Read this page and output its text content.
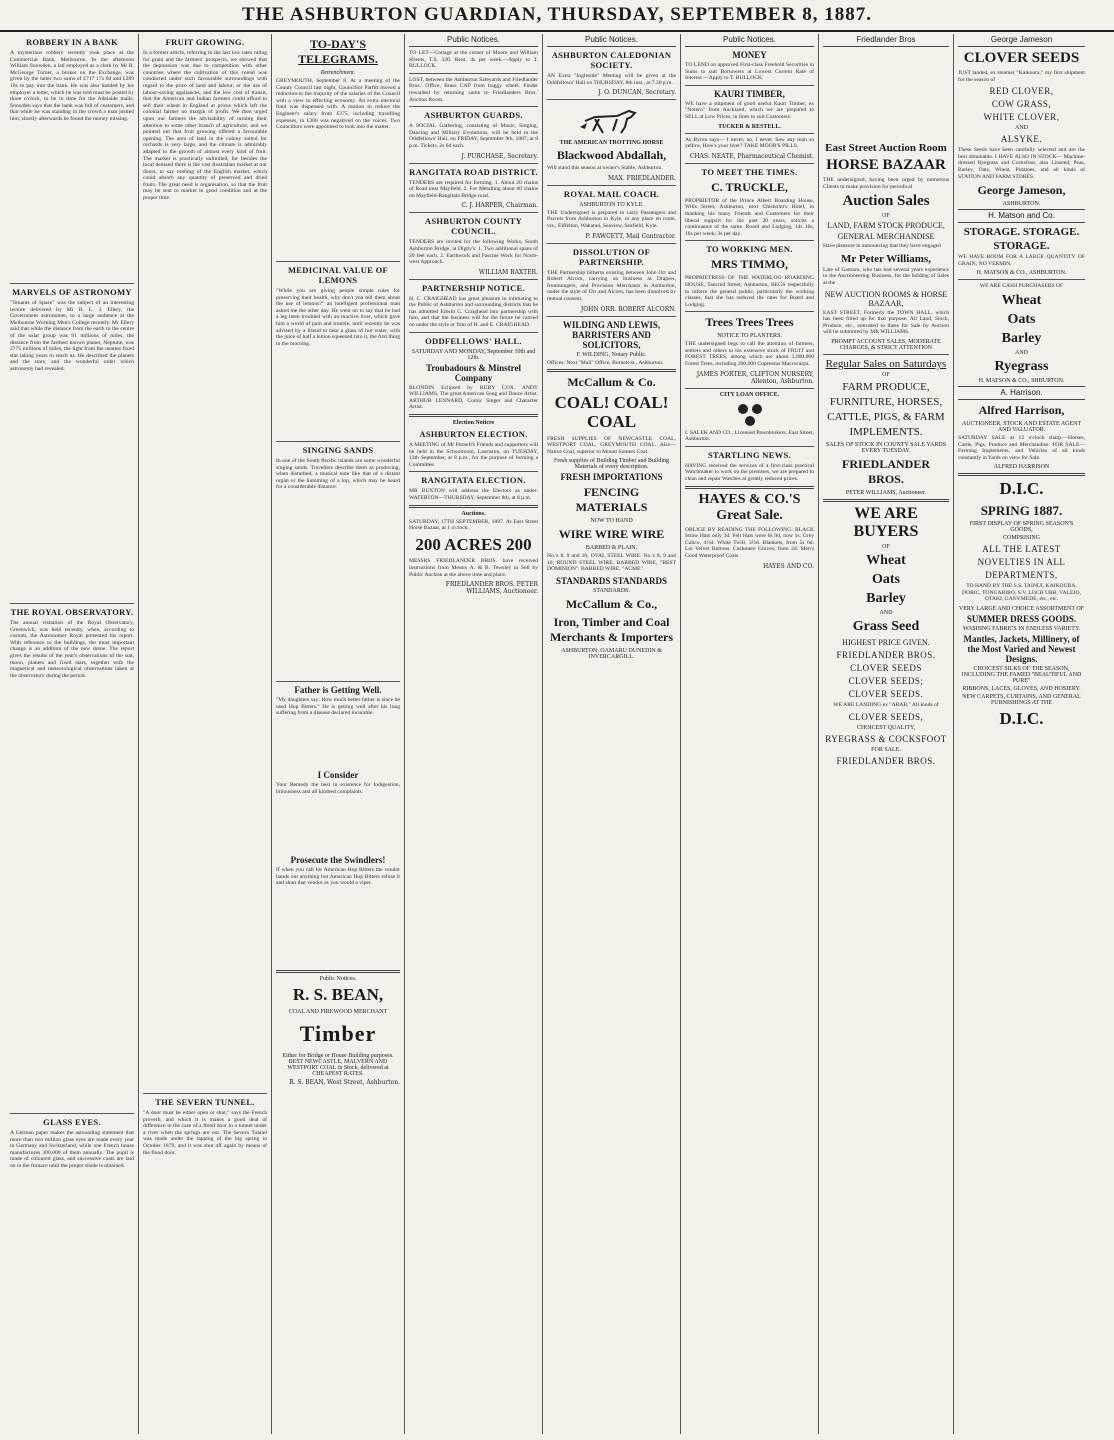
THE ASHBURTON GUARDIAN, THURSDAY, SEPTEMBER 8, 1887.
ROBBERY IN A BANK

A mysterious robbery recently took place at the Commercial Bank, Melbourne. In the afternoon William Snowden, a lad employed as a clerk by Mr R. McGeorge Turner, a broker on the Exchange, was given by the latter two sums of £717 17s 6d and £289 10s to pay into the bank. He was also handed by his employer a letter, which he was told must be posted by three o'clock, to be in time for the Adelaide mails. Snowden says that the bank was full of customers, and that while he was standing in the crowd a man jostled him; shortly afterwards he found the money missing.

MARVELS OF ASTRONOMY

"Tenants of Space" was the subject of an interesting lecture delivered by Mr R. L. J. Ellery, the Government astronomer, to a large audience at the Melbourne Working Men's College recently. Mr Ellery said that while the distance from the earth to the centre of the solar group was 91 millions of miles, the distance from the farthest known planet, Neptune, was 2775 millions of miles, the light from the nearest fixed star taking years to reach us. He described the planets and the stars, and the wonderful order which astronomy had revealed.

THE ROYAL OBSERVATORY.

The annual visitation of the Royal Observatory, Greenwich, was held recently, when, according to custom, the Astronomer Royal presented his report. With reference to the buildings, the most important change is an addition of the new dome. The report gives the results of the year's observations of the sun, moon, planets and fixed stars, together with the magnetical and meteorological observations taken at the observatory during the period.

GLASS EYES.

A German paper makes the astounding statement that more than two million glass eyes are made every year in Germany and Switzerland, while one French house manufactures 300,000 of them annually. The pupil is made of coloured glass, and successive coats are laid on in the furnace until the proper shade is obtained.

FRUIT GROWING.

In a former article, referring to the last low rates ruling for grain and the farmers' prospects, we showed that the depression was due to competition with other countries where the cultivation of this cereal was conducted under such favourable surroundings with regard to the price of land and labour, or the use of labour-saving appliances, and the low cost of transit, that the American and Indian farmers could afford to sell their wheat in England at prices which left the colonial farmer no margin of profit. We then urged upon our farmers the advisability of turning their attention to some other branch of agriculture, and we pointed out that fruit growing offered a favourable opening. The area of land in the colony suited for orchards is very large, and the climate is admirably adapted to the growth of almost every kind of fruit. The market is practically unlimited, for besides the local demand there is the vast Australian market at our doors, to say nothing of the English market, which could absorb any quantity of preserved and dried fruits. The great need is organisation, so that the fruit may be sent to market in good condition and at the proper time.

THE SEVERN TUNNEL.

"A door must be either open or shut," says the French proverb, and which it is makes a good deal of difference in the case of a flood door in a tunnel under a river when the springs are out. The Severn Tunnel was made under the tapping of the big spring in October 1879, and it was shut off again by means of the flood door.

TO-DAY'S TELEGRAMS.
Retrenchment.

GREYMOUTH, September 8. At a meeting of the County Council last night, Councillor Parfitt moved a reduction to the majority of the salaries of the Council with a view to effecting economy. An extra electoral fund was dispensed with. A motion to reduce the Engineer's salary from £375, including travelling expenses, to £300 was negatived on the voices. Two Councillors were appointed to look into the matter.

MEDICINAL VALUE OF LEMONS

"While you are giving people simple rules for preserving their health, why don't you tell them about the use of lemons?" an intelligent professional man asked me the other day. He went on to say that he had a leg been troubled with an inactive liver, which gave him a world of pain and trouble, until recently he was advised by a friend to take a glass of hot water, with the juice of half a lemon squeezed into it, the first thing in the morning.

SINGING SANDS

In one of the South Pacific islands are some wonderful singing sands. Travellers describe them as producing, when disturbed, a musical note like that of a distant organ or the humming of a top, which may be heard for a considerable distance.

Father is Getting Well.

"My daughters say: How much better father is since he used Hop Bitters." He is getting well after his long suffering from a disease declared incurable.

I Consider

Your Remedy the best in existence for Indigestion, biliousness and all kindred complaints.

Prosecute the Swindlers!

If when you call for American Hop Bitters the vendor hands out anything but American Hop Bitters refuse it and shun that vendor as you would a viper.

Public Notices.
R. S. BEAN,
COAL AND FIREWOOD MERCHANT
Timber
Either for Bridge or House Building purposes. BEST NEWCASTLE, MALVERN AND WESTPORT COAL in Stock, delivered at CHEAPEST RATES.
R. S. BEAN, West Street, Ashburton.
Public Notices.

TO LET—Cottage at the corner of Moore and William Streets, T.S. 330. Rent, 4s per week.—Apply to T. BULLOCK.

LOST, between the Ashburton Saleyards and Friedlander Bros.' Office, Brass CAP from buggy wheel. Finder rewarded by returning same to Friedlanders Bros.' Auction Room.

ASHBURTON GUARDS.

A SOCIAL Gathering, consisting of Music, Singing, Dancing and Military Evolutions, will be held in the Oddfellows' Hall, on FRIDAY, September 9th, 1887, at 8 p.m. Tickets, 2s 6d each.

J. PURCHASE, Secretary.
RANGITATA ROAD DISTRICT.

TENDERS are required for forming: 1. About 20 chains of Road near Mayfield. 2. For Metalling about 60 chains on Mayfield-Rangitata Bridge road.

C. J. HARPER, Chairman.
ASHBURTON COUNTY COUNCIL.

TENDERS are invited for the following Works, South Ashburton Bridge, at Digby's: 1. Two additional spans of 20 feet each. 2. Earthwork and Fascine Work for North-west Approach.

WILLIAM BAXTER.
PARTNERSHIP NOTICE.

H. C. CRAIGHEAD has great pleasure in intimating to the Public of Ashburton and surrounding districts that he has admitted Edwin C. Craighead into partnership with him, and that the business will for the future be carried on under the style or firm of H. and E. CRAIGHEAD.

ODDFELLOWS' HALL.
SATURDAY AND MONDAY, September 10th and 12th.
Troubadours & Minstrel Company

BLONDIN Eclipsed by RUBY COX. ANDY WILLIAMS, The great American Song and Dance Artist. ARTHUR LENNARD, Comic Singer and Character Artist.

Election Notices
ASHBURTON ELECTION.

A MEETING of Mr Purnell's Friends and supporters will be held in the Schoolroom, Lauriston, on TUESDAY, 13th September, at 8 p.m., for the purpose of forming a Committee.

RANGITATA ELECTION.

MR BUXTON will address the Electors as under: WATERTON—THURSDAY, September 8th, at 8 p.m.

Auctions.

SATURDAY, 17TH SEPTEMBER, 1887. At East Street Horse Bazaar, at 1 o'clock.

200 ACRES 200

MESSRS FRIEDLANDER BROS. have received instructions from Messrs A. & B. Tewsley to Sell by Public Auction at the above time and place.

FRIEDLANDER BROS. PETER WILLIAMS, Auctioneer.
Public Notices.
ASHBURTON CALEDONIAN SOCIETY.

AN Extra "Ingleside" Meeting will be given at the Oddfellows' Hall on THURSDAY, 8th inst., at 7.30 p.m.

J. O. DUNCAN, Secretary.
THE AMERICAN TROTTING HORSE
Blackwood Abdallah,

Will stand this season at owner's Stable, Ashburton.

MAX. FRIEDLANDER.
ROYAL MAIL COACH.
ASHBURTON TO KYLE.

THE Undersigned is prepared to carry Passengers and Parcels from Ashburton to Kyle, or any place en route, viz., Eiffelton, Wakanui, Seaview, Seafield, Kyle.

P. FAWCETT, Mail Contractor.
DISSOLUTION OF PARTNERSHIP.

THE Partnership hitherto existing between John Orr and Robert Alcorn, carrying on business as Drapers, Ironmongers, and Provision Merchants in Ashburton, under the style of Orr and Alcorn, has been dissolved by mutual consent.

JOHN ORR. ROBERT ALCORN.
WILDING AND LEWIS, BARRISTERS AND SOLICITORS,
F. WILDING, Notary Public.

Offices: Next "Mail" Office, Burnett-st., Ashburton.

McCallum & Co.
COAL! COAL! COAL

FRESH SUPPLIES OF NEWCASTLE COAL, WESTPORT COAL, GREYMOUTH COAL. Also—Native Coal, superior to Mount Somers Coal.

Fresh supplies of Building Timber and Building Materials of every description.
FRESH IMPORTATIONS
FENCING MATERIALS
NOW TO HAND
WIRE WIRE WIRE
BARBED & PLAIN.

No.'s 8, 9 and 10, OVAL STEEL WIRE. No.'s 8, 9 and 10, ROUND STEEL WIRE. BARBED WIRE, "BEST DOMINION". BARBED WIRE, "ACME".

STANDARDS STANDARDS
STANDARDS.
McCallum & Co.,
Iron, Timber and Coal Merchants & Importers
ASHBURTON, OAMARU DUNEDIN & INVERCARGILL.
Public Notices.
MONEY

TO LEND on approved First-class Freehold Securities in Sums to suit Borrowers at Lowest Current Rate of Interest.—Apply to T. BULLOCK.

KAURI TIMBER,

WE have a shipment of good useful Kauri Timber, ex "Notero" from Auckland, which we are prepared to SELL at Low Prices, in lines to suit Customers.

TUCKER & RESTELL.

As Byron says— I never, no, I never, Saw any man so yellow, How's your liver? TAKE MOOR'S PILLS.

CHAS. NEATE, Pharmaceutical Chemist.
TO MEET THE TIMES.
C. TRUCKLE,

PROPRIETOR of the Prince Albert Boarding House, Wills Street, Ashburton, next Chisholm's Hotel, in thanking his many Friends and Customers for their liberal support for the past 20 years, solicits a continuance of the same. Board and Lodging, 14s 16s, 18s per week; 3s per day.

TO WORKING MEN.
MRS TIMMO,

PROPRIETRESS OF THE WATERLOO BOARDING HOUSE, Tancred Street, Ashburton, BEGS respectfully to inform the general public, particularly the working classes, that she has reduced the rates for Board and Lodging.

Trees Trees Trees
NOTICE TO PLANTERS.

THE undersigned begs to call the attention of farmers, settlers and others to his extensive stock of FRUIT and FOREST TREES, among which are about 3,000,000 Forest Trees, including 200,000 Cupressus Macrocarpa.

JAMES PORTER, CLIFTON NURSERY, Allenton, Ashburton.
CITY LOAN OFFICE.

I. SALEK AND CO., Licensed Pawnbrokers, East Street, Ashburton.

STARTLING NEWS.

HAVING received the services of a first-class practical Watchmaker to work on the premises, we are prepared to clean and repair Watches at greatly reduced prices.

HAYES & CO.'S Great Sale.

OBLIGE BY READING THE FOLLOWING: BLACK Straw Hats only 3d. Felt Hats were 6s 9d, now 1s. Grey Calico, 4½d. White Twill, 3½d. Blankets, from 5s 6d. Lot Velvet Buttons. Cashmere Gloves, from 2d. Men's Good Waterproof Coats.

HAYES AND CO.
Friedlander Bros
East Street Auction Room
HORSE BAZAAR

THE undersigned, having been urged by numerous Clients to make provision for periodical

Auction Sales
OF
LAND, FARM STOCK PRODUCE,
GENERAL MERCHANDISE

Have pleasure in announcing that they have engaged

Mr Peter Williams,

Late of Gamaru, who has had several years experience in the Auctioneering Business, for the holding of Sales at the

NEW AUCTION ROOMS & HORSE BAZAAR,

EAST STREET, Formerly the TOWN HALL, which has been fitted up for that purpose. All Land, Stock, Produce, etc., entrusted to these for Sale by Auction will be submitted by MR WILLIAMS.

PROMPT ACCOUNT SALES, MODERATE CHARGES, & STRICT ATTENTION
Regular Sales on Saturdays
OF
FARM PRODUCE, FURNITURE, HORSES, CATTLE, PIGS, & FARM IMPLEMENTS.
SALES OF STOCK IN COUNTY SALE YARDS EVERY TUESDAY.
FRIEDLANDER BROS.
PETER WILLIAMS, Auctioneer.
WE ARE BUYERS
OF
Wheat
Oats
Barley
AND
Grass Seed
HIGHEST PRICE GIVEN.
FRIEDLANDER BROS.
CLOVER SEEDS
CLOVER SEEDS;
CLOVER SEEDS.

WE ARE LANDING ex "ARAB," All kinds of

CLOVER SEEDS,
CHOICEST QUALITY,
RYEGRASS & COCKSFOOT
FOR SALE.
FRIEDLANDER BROS.
George Jameson
CLOVER SEEDS

JUST landed, ex steamer "Kaikoura," my first shipment for the season of

RED CLOVER,
COW GRASS,
WHITE CLOVER,
AND
ALSYKE.

These Seeds have been carefully selected and are the best obtainable. I HAVE ALSO IN STOCK— Machine-dressed Ryegrass and Cocksfoot, also Linseed, Peas, Barley, Oats, Wheat, Potatoes, and all kinds of STATION AND FARM STORES.

George Jameson,
ASHBURTON.
H. Matson and Co.
STORAGE. STORAGE.
STORAGE.

WE HAVE ROOM FOR A LARGE QUANTITY OF GRAIN; NO VERMIN.

H. MATSON & CO., ASHBURTON.

WE ARE CASH PURCHASERS OF

Wheat
Oats
Barley
AND
Ryegrass
H. MATSON & CO., SHBURTON.
A. Harrison.
Alfred Harrison,
AUCTIONEER, STOCK AND ESTATE AGENT AND VALUATOR.

SATURDAY SALE at 12 o'clock sharp.—Horses, Cattle, Pigs, Produce and Merchandise. FOR SALE— Farming Implements, and Vehicles of all kinds constantly in Yards on view for Sale.

ALFRED HARRISON
D.I.C.
SPRING 1887.
FIRST DISPLAY OF SPRING SEASON'S GOODS,
COMPRISING
ALL THE LATEST
NOVELTIES IN ALL
DEPARTMENTS,

TO HAND BY THE S.S. TAINUI, KAIKOURA, DORIC, TONGARIRO, S.V. LOCH URR, VALEJO, OTAKI, GANYMEDE, etc., etc.

VERY LARGE AND CHOICE ASSORTMENT OF
SUMMER DRESS GOODS.
WASHING FABRICS IN ENDLESS VARIETY.
Mantles, Jackets, Millinery, of the Most Varied and Newest Designs.
CHOICEST SILKS OF THE SEASON, INCLUDING THE FAMED "BEAUTIFUL AND PURE"
RIBBONS, LACES, GLOVES, AND HOSIERY.
NEW CARPETS, CURTAINS, AND GENERAL FURNISHINGS AT THE
D.I.C.
